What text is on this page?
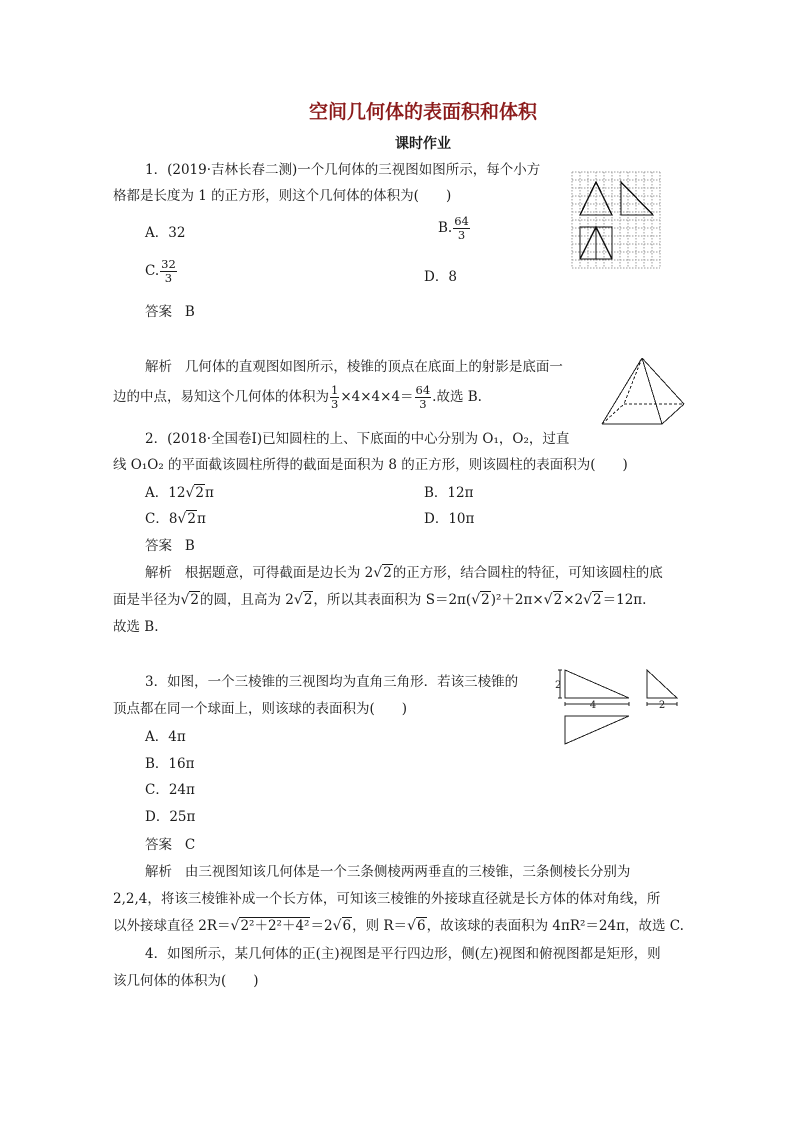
空间几何体的表面积和体积
课时作业
1．(2019·吉林长春二测)一个几何体的三视图如图所示，每个小方
格都是长度为 1 的正方形，则这个几何体的体积为(　　)
A．32	B. $\frac{64}{3}$
C. $\frac{32}{3}$	D．8
答案 B
解析 几何体的直观图如图所示，棱锥的顶点在底面上的射影是底面一
边的中点，易知这个几何体的体积为 $\frac{1}{3} \times 4\times 4\times 4= \frac{64}{3}$ .故选 B.
2．(2018·全国卷Ⅰ)已知圆柱的上、下底面的中心分别为 O₁，O₂，过直
线 O₁O₂ 的平面截该圆柱所得的截面是面积为 8 的正方形，则该圆柱的表面积为(　　)
A．12√2π	B．12π
C．8√2π	D．10π
答案 B
解析 根据题意，可得截面是边长为 2√2的正方形，结合圆柱的特征，可知该圆柱的底
面是半径为√2的圆，且高为 2√2，所以其表面积为 S＝2π(√2)²＋2π×√2×2√2＝12π.
故选 B.
3．如图，一个三棱锥的三视图均为直角三角形．若该三棱锥的
顶点都在同一个球面上，则该球的表面积为(　　)
2
4	2
A．4π
B．16π
C．24π
D．25π
答案 C
解析 由三视图知该几何体是一个三条侧棱两两垂直的三棱锥，三条侧棱长分别为
2,2,4，将该三棱锥补成一个长方体，可知该三棱锥的外接球直径就是长方体的体对角线，所
以外接球直径 2R＝√2²＋2²＋4²＝2√6，则 R＝√6，故该球的表面积为 4πR²＝24π，故选 C.
4．如图所示，某几何体的正(主)视图是平行四边形，侧(左)视图和俯视图都是矩形，则
该几何体的体积为(　　)
